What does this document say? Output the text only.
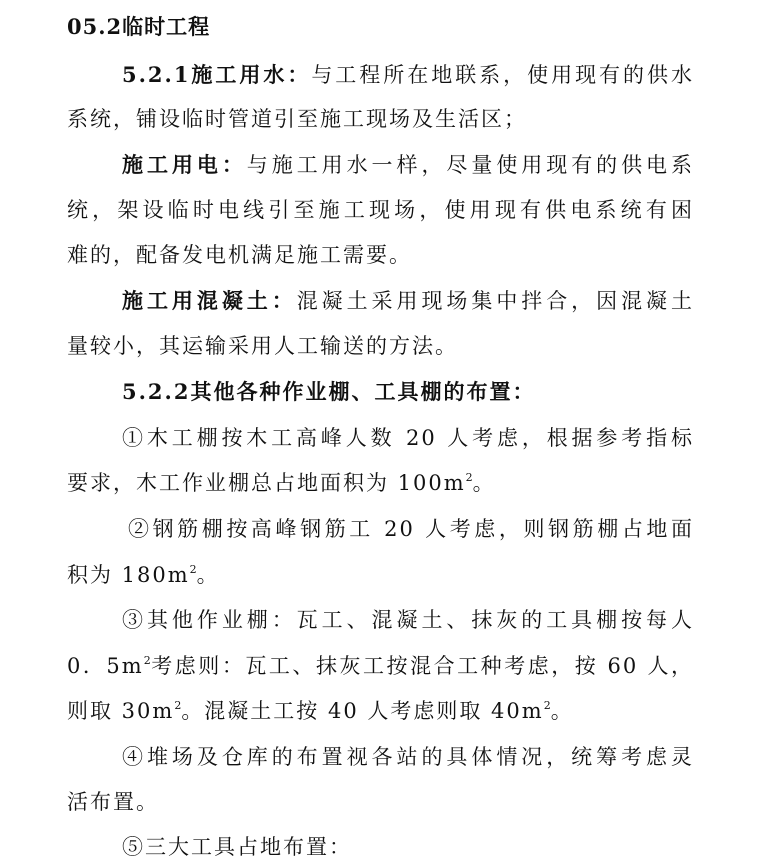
05.2临时工程
5.2.1施工用水：与工程所在地联系，使用现有的供水
系统，铺设临时管道引至施工现场及生活区；
施工用电：与施工用水一样，尽量使用现有的供电系
统，架设临时电线引至施工现场，使用现有供电系统有困
难的，配备发电机满足施工需要。
施工用混凝土：混凝土采用现场集中拌合，因混凝土
量较小，其运输采用人工输送的方法。
5.2.2其他各种作业棚、工具棚的布置：
①木工棚按木工高峰人数 20 人考虑，根据参考指标
要求，木工作业棚总占地面积为 $100m^2$。
②钢筋棚按高峰钢筋工 20 人考虑，则钢筋棚占地面
积为 $180m^2$。
③其他作业棚：瓦工、混凝土、抹灰的工具棚按每人
0．$5m^2$考虑则：瓦工、抹灰工按混合工种考虑，按 60 人，
则取 $30m^2$。混凝土工按 40 人考虑则取 $40m^2$。
④堆场及仓库的布置视各站的具体情况，统筹考虑灵
活布置。
⑤三大工具占地布置：
